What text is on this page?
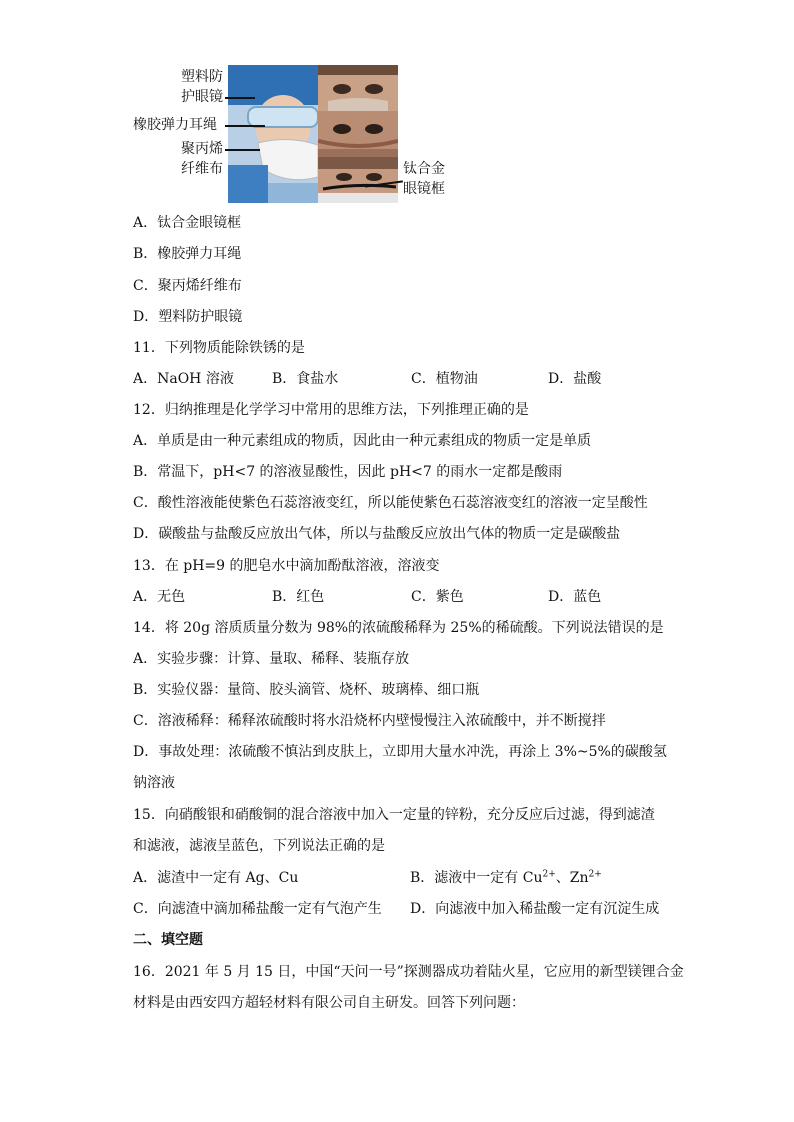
塑料防
护眼镜
橡胶弹力耳绳
聚丙烯
纤维布	钛合金
眼镜框
A．钛合金眼镜框
B．橡胶弹力耳绳
C．聚丙烯纤维布
D．塑料防护眼镜
11．下列物质能除铁锈的是
A．NaOH 溶液	B．食盐水	C．植物油	D．盐酸
12．归纳推理是化学学习中常用的思维方法，下列推理正确的是
A．单质是由一种元素组成的物质，因此由一种元素组成的物质一定是单质
B．常温下，pH<7 的溶液显酸性，因此 pH<7 的雨水一定都是酸雨
C．酸性溶液能使紫色石蕊溶液变红，所以能使紫色石蕊溶液变红的溶液一定呈酸性
D．碳酸盐与盐酸反应放出气体，所以与盐酸反应放出气体的物质一定是碳酸盐
13．在 pH=9 的肥皂水中滴加酚酞溶液，溶液变
A．无色	B．红色	C．紫色	D．蓝色
14．将 20g 溶质质量分数为 98%的浓硫酸稀释为 25%的稀硫酸。下列说法错误的是
A．实验步骤：计算、量取、稀释、装瓶存放
B．实验仪器：量筒、胶头滴管、烧杯、玻璃棒、细口瓶
C．溶液稀释：稀释浓硫酸时将水沿烧杯内壁慢慢注入浓硫酸中，并不断搅拌
D．事故处理：浓硫酸不慎沾到皮肤上，立即用大量水冲洗，再涂上 3%~5%的碳酸氢
钠溶液
15．向硝酸银和硝酸铜的混合溶液中加入一定量的锌粉，充分反应后过滤，得到滤渣
和滤液，滤液呈蓝色，下列说法正确的是
A．滤渣中一定有 Ag、Cu	B．滤液中一定有 $Cu^{2+}$、$Zn^{2+}$
C．向滤渣中滴加稀盐酸一定有气泡产生 D．向滤液中加入稀盐酸一定有沉淀生成
二、填空题
16．2021 年 5 月 15 日，中国“天问一号”探测器成功着陆火星，它应用的新型镁锂合金
材料是由西安四方超轻材料有限公司自主研发。回答下列问题：
